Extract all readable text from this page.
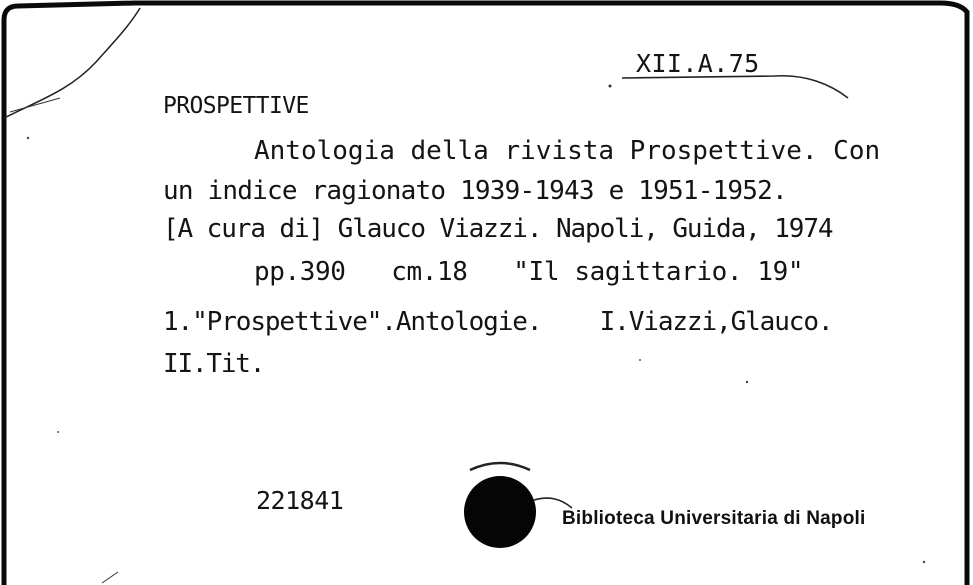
XII.A.75
PROSPETTIVE
Antologia della rivista Prospettive. Con
un indice ragionato 1939-1943 e 1951-1952.
[A cura di] Glauco Viazzi. Napoli, Guida, 1974
pp.390   cm.18   "Il sagittario. 19"
1."Prospettive".Antologie.    I.Viazzi,Glauco.
II.Tit.
221841
Biblioteca Universitaria di Napoli
